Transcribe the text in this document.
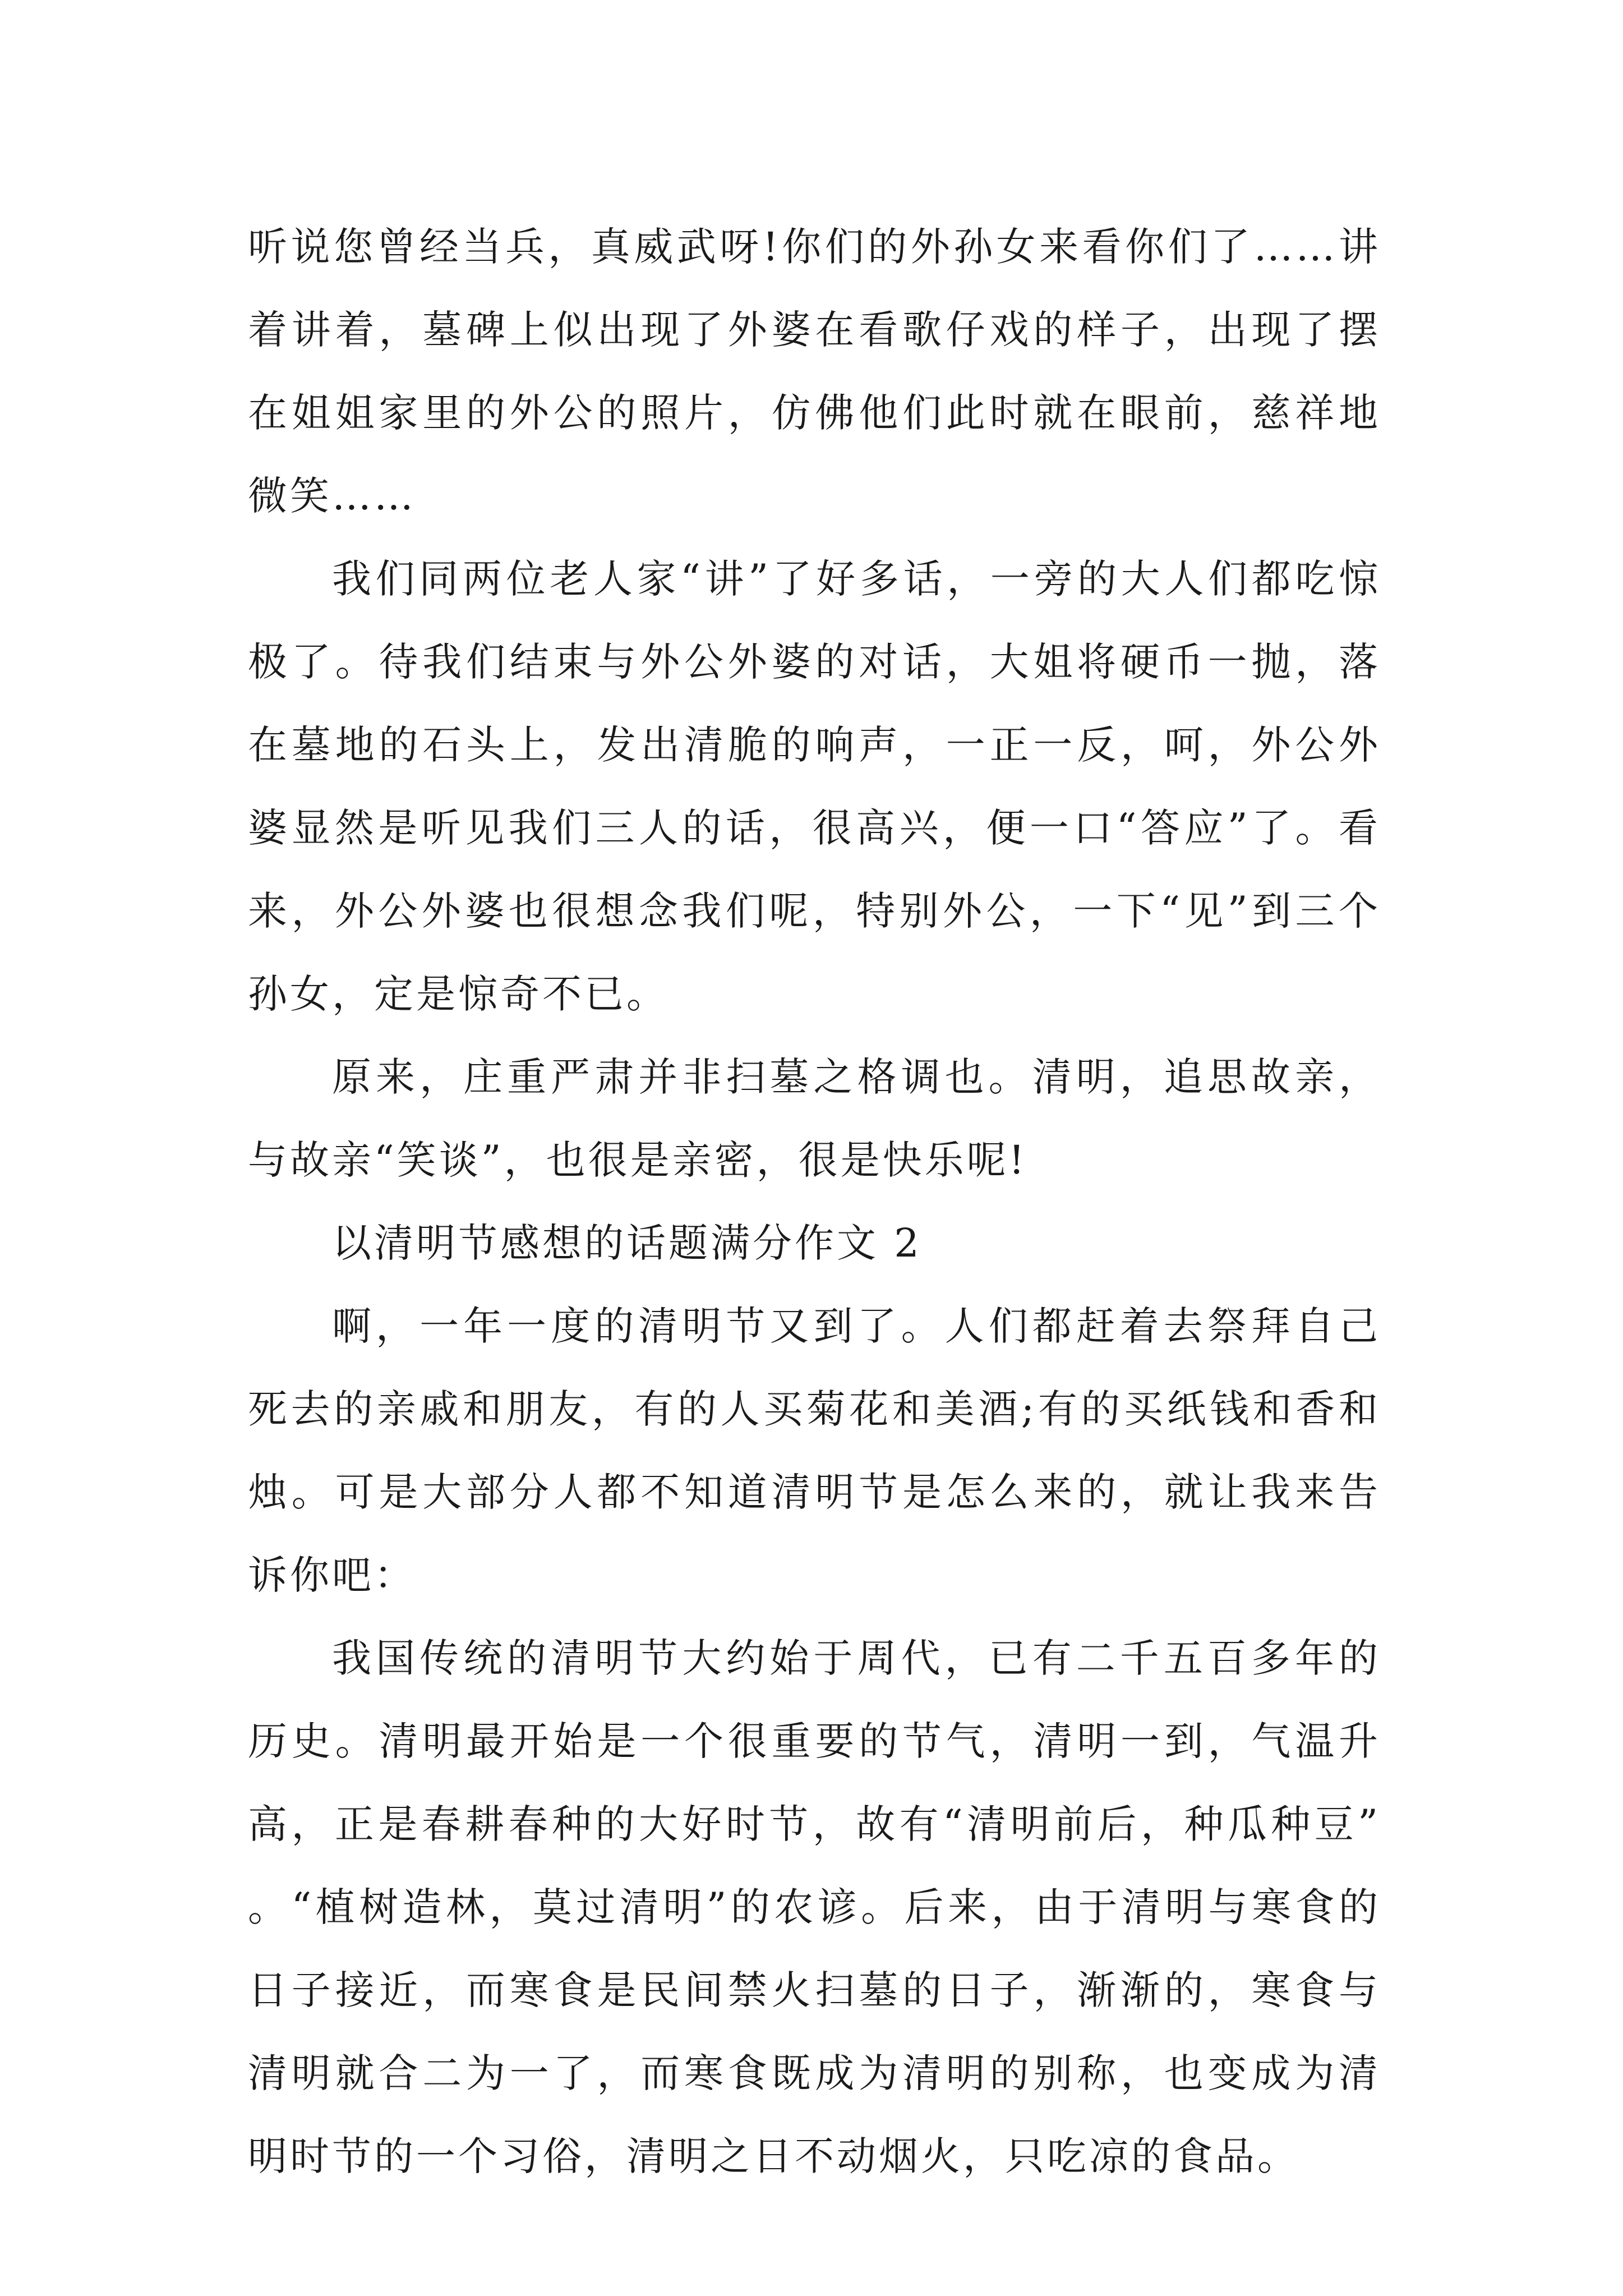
听说您曾经当兵，真威武呀!你们的外孙女来看你们了……讲着讲着，墓碑上似出现了外婆在看歌仔戏的样子，出现了摆在姐姐家里的外公的照片，仿佛他们此时就在眼前，慈祥地微笑……

我们同两位老人家“讲”了好多话，一旁的大人们都吃惊极了。待我们结束与外公外婆的对话，大姐将硬币一抛，落在墓地的石头上，发出清脆的响声，一正一反，呵，外公外婆显然是听见我们三人的话，很高兴，便一口“答应”了。看来，外公外婆也很想念我们呢，特别外公，一下“见”到三个孙女，定是惊奇不已。

原来，庄重严肃并非扫墓之格调也。清明，追思故亲，与故亲“笑谈”，也很是亲密，很是快乐呢!

以清明节感想的话题满分作文 2

啊，一年一度的清明节又到了。人们都赶着去祭拜自己死去的亲戚和朋友，有的人买菊花和美酒;有的买纸钱和香和烛。可是大部分人都不知道清明节是怎么来的，就让我来告诉你吧：

我国传统的清明节大约始于周代，已有二千五百多年的历史。清明最开始是一个很重要的节气，清明一到，气温升高，正是春耕春种的大好时节，故有“清明前后，种瓜种豆”。“植树造林，莫过清明”的农谚。后来，由于清明与寒食的日子接近，而寒食是民间禁火扫墓的日子，渐渐的，寒食与清明就合二为一了，而寒食既成为清明的别称，也变成为清明时节的一个习俗，清明之日不动烟火，只吃凉的食品。
